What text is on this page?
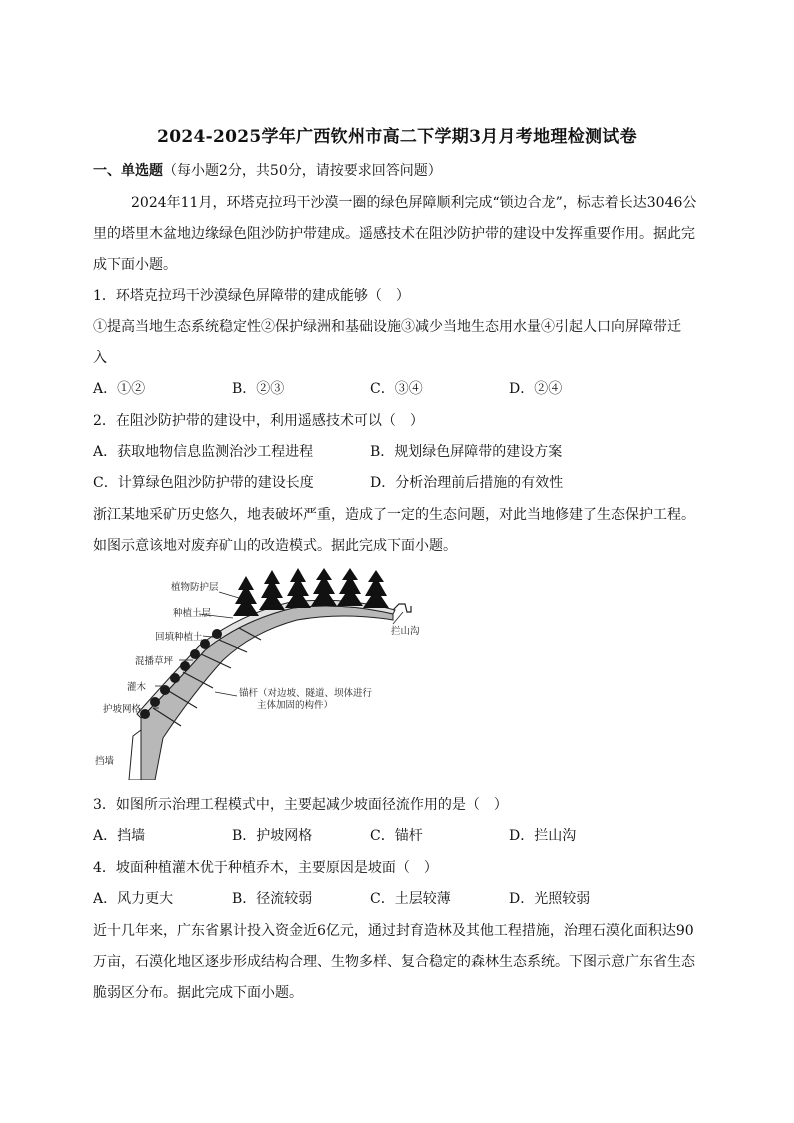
2024-2025学年广西钦州市高二下学期3月月考地理检测试卷
一、单选题（每小题2分，共50分，请按要求回答问题）
2024年11月，环塔克拉玛干沙漠一圈的绿色屏障顺利完成“锁边合龙”，标志着长达3046公
里的塔里木盆地边缘绿色阻沙防护带建成。遥感技术在阻沙防护带的建设中发挥重要作用。据此完
成下面小题。
1．环塔克拉玛干沙漠绿色屏障带的建成能够（　）
①提高当地生态系统稳定性②保护绿洲和基础设施③减少当地生态用水量④引起人口向屏障带迁
入
A．①②	B．②③	C．③④	D．②④
2．在阻沙防护带的建设中，利用遥感技术可以（　）
A．获取地物信息监测治沙工程进程	B．规划绿色屏障带的建设方案
C．计算绿色阻沙防护带的建设长度	D．分析治理前后措施的有效性
浙江某地采矿历史悠久，地表破坏严重，造成了一定的生态问题，对此当地修建了生态保护工程。
如图示意该地对废弃矿山的改造模式。据此完成下面小题。
植物防护层
种植土层
回填种植土
混播草坪
灌木
护坡网格
挡墙
拦山沟
锚杆（对边坡、隧道、坝体进行
主体加固的构件）
3．如图所示治理工程模式中，主要起减少坡面径流作用的是（　）
A．挡墙	B．护坡网格	C．锚杆	D．拦山沟
4．坡面种植灌木优于种植乔木，主要原因是坡面（　）
A．风力更大	B．径流较弱	C．土层较薄	D．光照较弱
近十几年来，广东省累计投入资金近6亿元，通过封育造林及其他工程措施，治理石漠化面积达90
万亩，石漠化地区逐步形成结构合理、生物多样、复合稳定的森林生态系统。下图示意广东省生态
脆弱区分布。据此完成下面小题。
